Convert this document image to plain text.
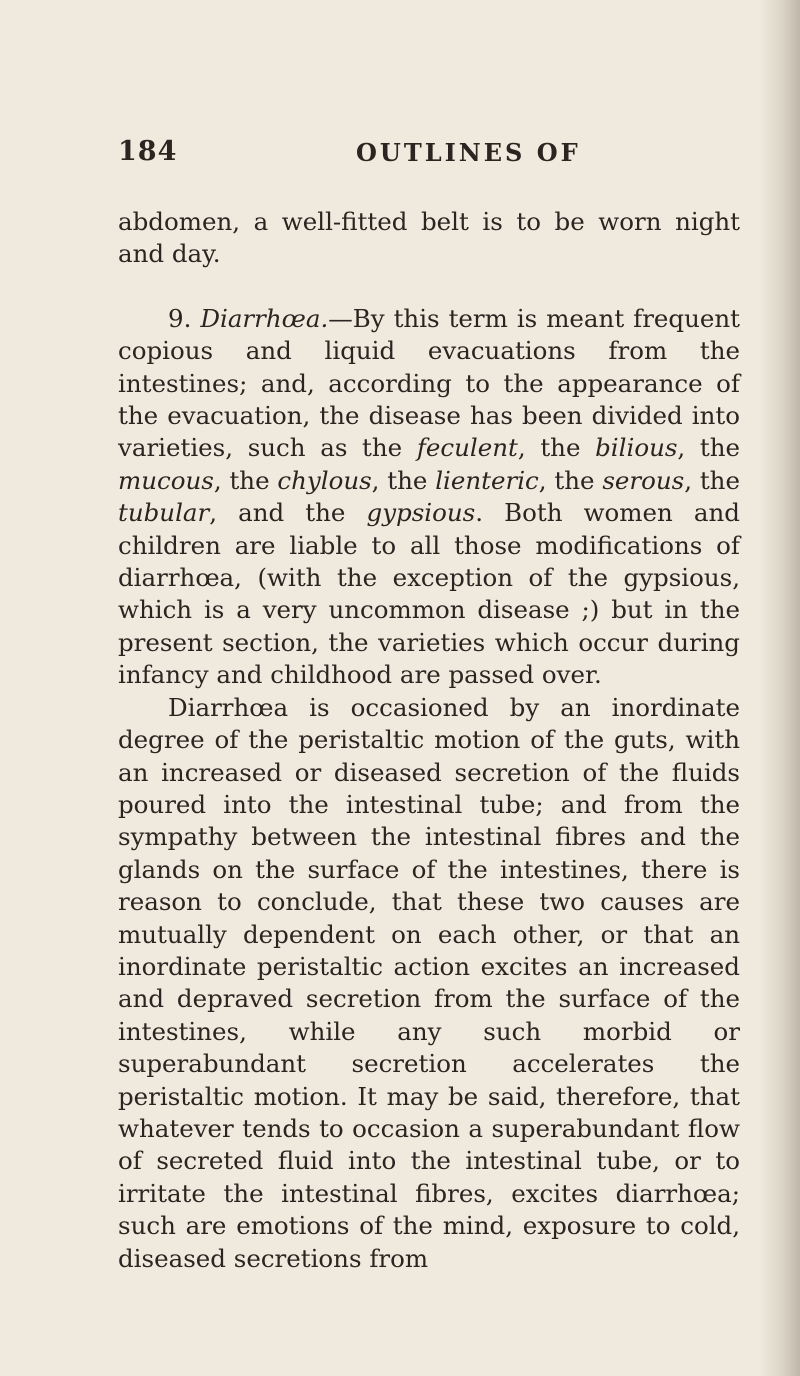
184	OUTLINES OF

abdomen, a well-fitted belt is to be worn night and day.

9. Diarrhœa.—By this term is meant frequent copious and liquid evacuations from the intestines; and, according to the appearance of the evacuation, the disease has been divided into varieties, such as the feculent, the bilious, the mucous, the chylous, the lienteric, the serous, the tubular, and the gypsious. Both women and children are liable to all those modifications of diarrhœa, (with the exception of the gypsious, which is a very uncommon disease ;) but in the present section, the varieties which occur during infancy and childhood are passed over.

Diarrhœa is occasioned by an inordinate degree of the peristaltic motion of the guts, with an increased or diseased secretion of the fluids poured into the intestinal tube; and from the sympathy between the intestinal fibres and the glands on the surface of the intestines, there is reason to conclude, that these two causes are mutually dependent on each other, or that an inordinate peristaltic action excites an increased and depraved secretion from the surface of the intestines, while any such morbid or superabundant secretion accelerates the peristaltic motion. It may be said, therefore, that whatever tends to occasion a superabundant flow of secreted fluid into the intestinal tube, or to irritate the intestinal fibres, excites diarrhœa; such are emotions of the mind, exposure to cold, diseased secretions from
